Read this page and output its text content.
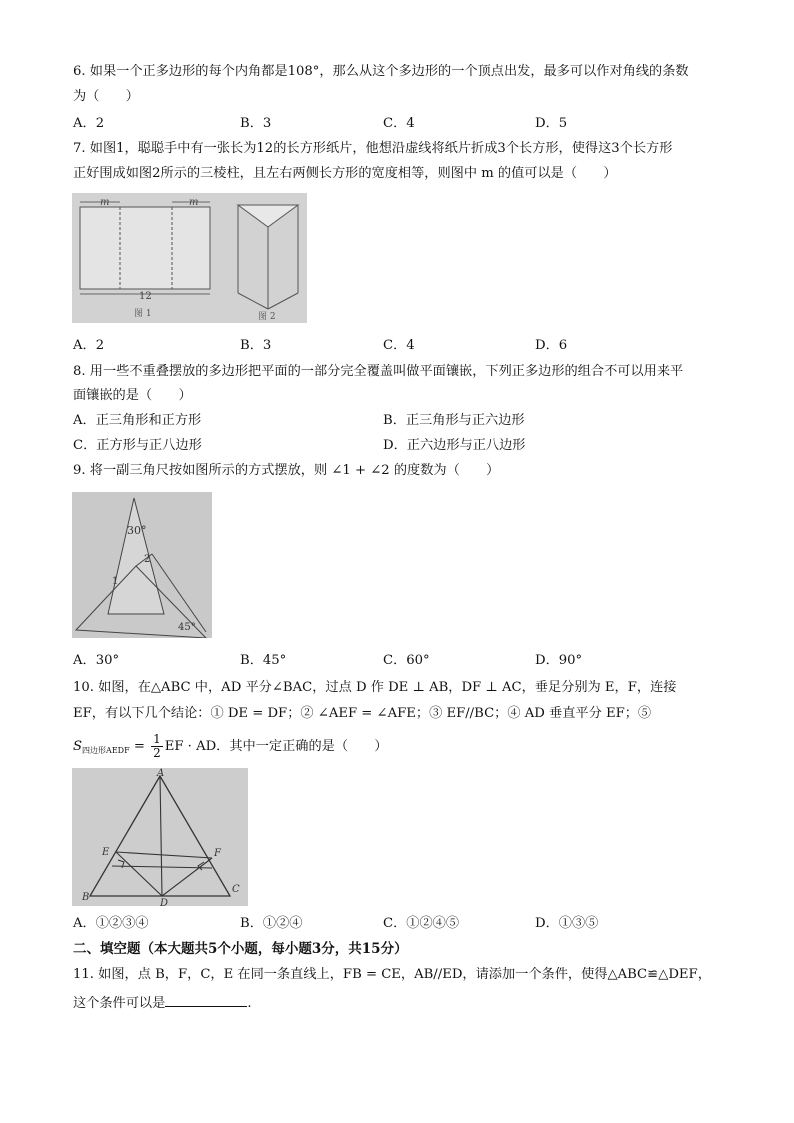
6. 如果一个正多边形的每个内角都是108°，那么从这个多边形的一个顶点出发，最多可以作对角线的条数
为（　　）
A．2	B．3	C．4	D．5
7. 如图1，聪聪手中有一张长为12的长方形纸片，他想沿虚线将纸片折成3个长方形，使得这3个长方形
正好围成如图2所示的三棱柱，且左右两侧长方形的宽度相等，则图中 m 的值可以是（　　）
m	m
12
图 1	图 2
A．2	B．3	C．4	D．6
8. 用一些不重叠摆放的多边形把平面的一部分完全覆盖叫做平面镶嵌，下列正多边形的组合不可以用来平
面镶嵌的是（　　）
A．正三角形和正方形	B．正三角形与正六边形
C．正方形与正八边形	D．正六边形与正八边形
9. 将一副三角尺按如图所示的方式摆放，则 ∠1 + ∠2 的度数为（　　）
30°
45°
1
2
A．30°	B．45°	C．60°	D．90°
10. 如图，在△ABC 中，AD 平分∠BAC，过点 D 作 DE ⊥ AB，DF ⊥ AC，垂足分别为 E，F，连接
EF，有以下几个结论：① DE = DF；② ∠AEF = ∠AFE；③ EF//BC；④ AD 垂直平分 EF；⑤
$S_{四边形AEDF} = \frac{1}{2}$ EF · AD．其中一定正确的是（　　）
A
B
C
D
E	F
A．①②③④	B．①②④	C．①②④⑤	D．①③⑤
二、填空题（本大题共5个小题，每小题3分，共15分）
11. 如图，点 B，F，C，E 在同一条直线上，FB = CE，AB//ED，请添加一个条件，使得△ABC≌△DEF，
这个条件可以是	.
